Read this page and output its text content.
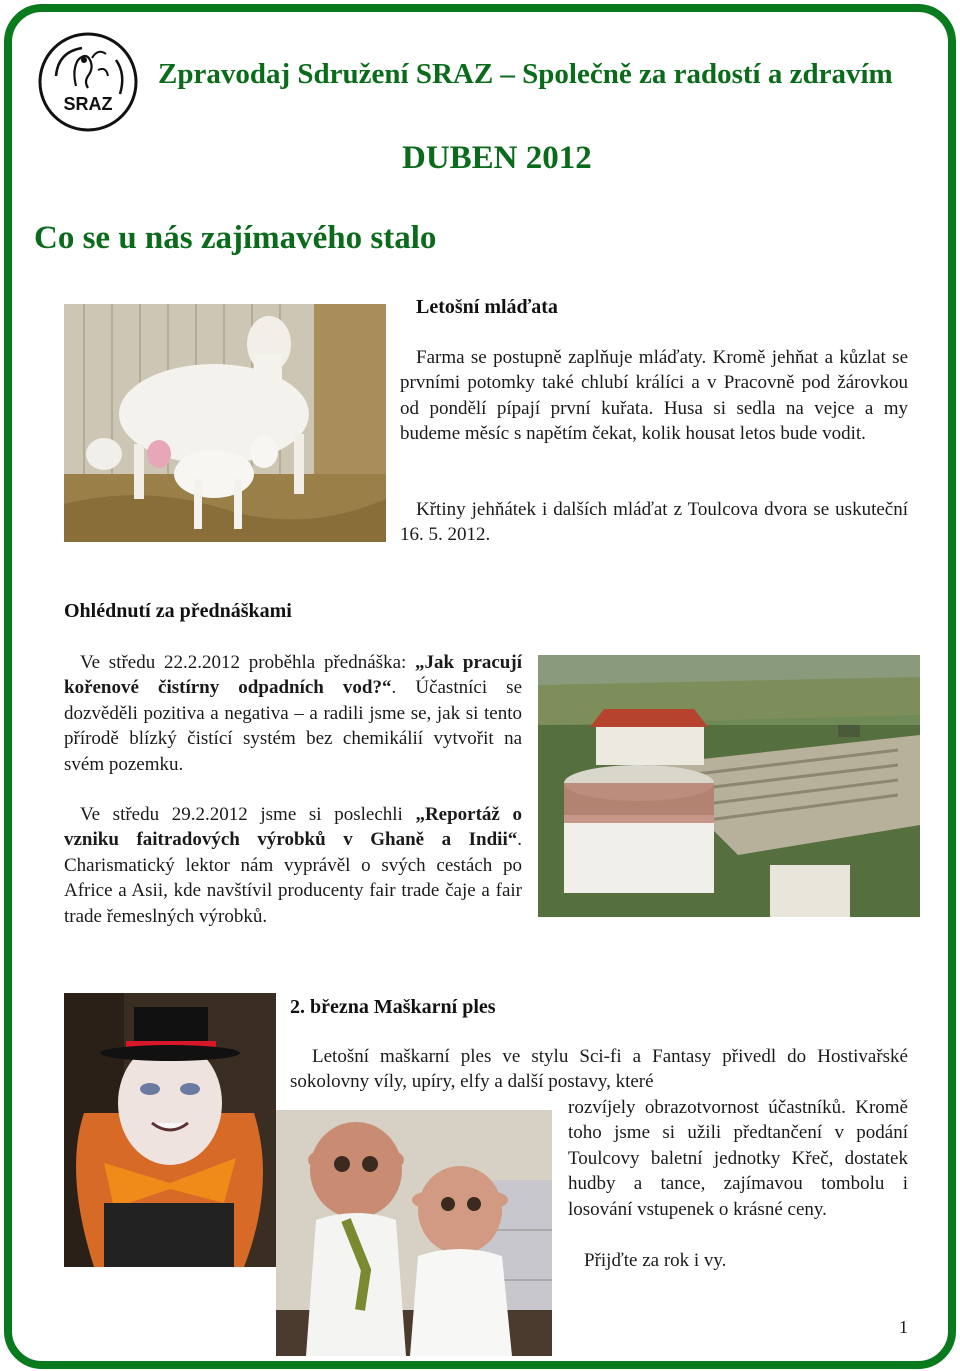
SRAZ
Zpravodaj Sdružení SRAZ – Společně za radostí a zdravím
DUBEN 2012
Co se u nás zajímavého stalo
Letošní mláďata
Farma se postupně zaplňuje mláďaty. Kromě jehňat a kůzlat se prvními potomky také chlubí králíci a v Pracovně pod žárovkou od pondělí pípají první kuřata. Husa si sedla na vejce a my budeme měsíc s napětím čekat, kolik housat letos bude vodit.
Křtiny jehňátek i dalších mláďat z Toulcova dvora se uskuteční 16. 5. 2012.
Ohlédnutí za přednáškami
Ve středu 22.2.2012 proběhla přednáška: „Jak pracují kořenové čistírny odpadních vod?“. Účastníci se dozvěděli pozitiva a negativa – a radili jsme se, jak si tento přírodě blízký čistící systém bez chemikálií vytvořit na svém pozemku.
Ve středu 29.2.2012 jsme si poslechli „Reportáž o vzniku faitradových výrobků v Ghaně a Indii“. Charismatický lektor nám vyprávěl o svých cestách po Africe a Asii, kde navštívil producenty fair trade čaje a fair trade řemeslných výrobků.
2. března Maškarní ples
Letošní maškarní ples ve stylu Sci-fi a Fantasy přivedl do Hostivařské sokolovny víly, upíry, elfy a další postavy, které
rozvíjely obrazotvornost účastníků. Kromě toho jsme si užili předtančení v podání Toulcovy baletní jednotky Křeč, dostatek hudby a tance, zajímavou tombolu i losování vstupenek o krásné ceny.
Přijďte za rok i vy.
1
